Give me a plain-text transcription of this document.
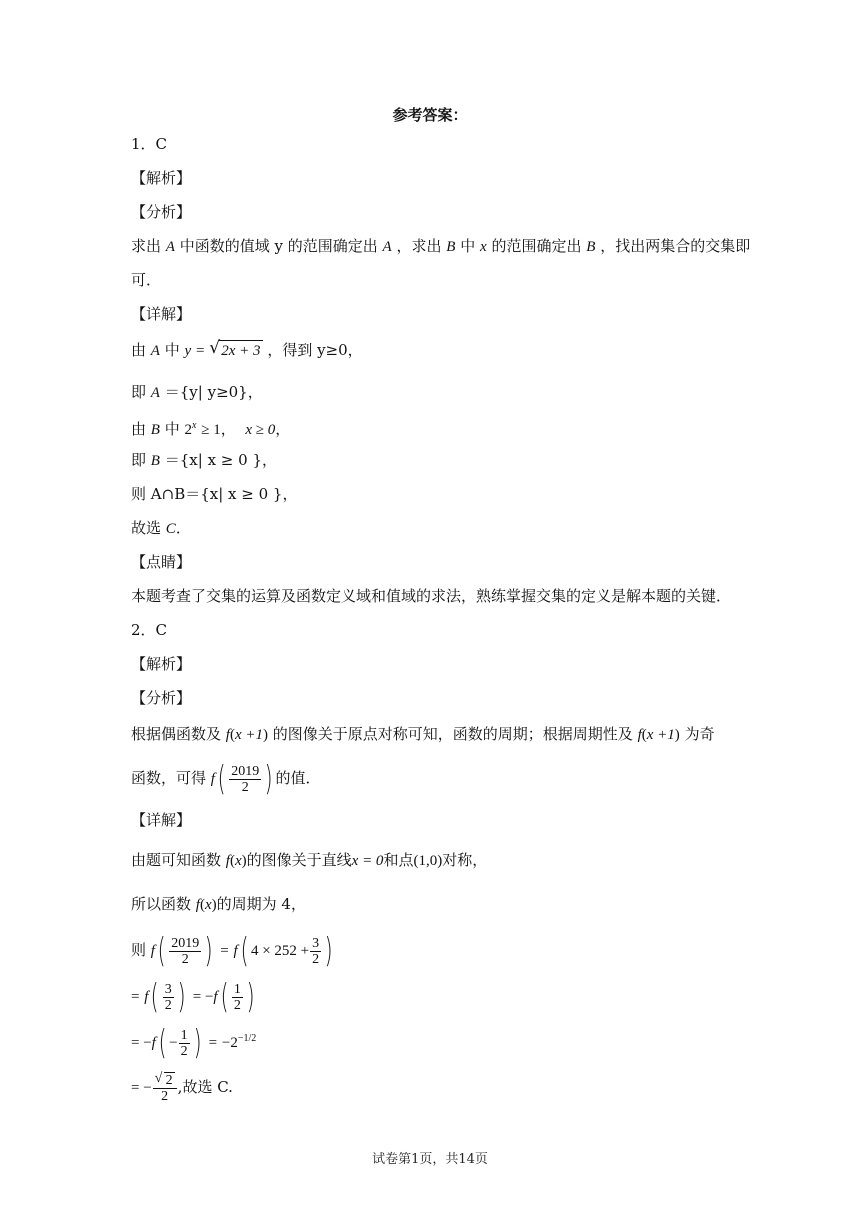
参考答案：
1．C
【解析】
【分析】
求出 A 中函数的值域 y 的范围确定出 A ，求出 B 中 x 的范围确定出 B ，找出两集合的交集即
可．
【详解】
由 A 中 y = √ 2x + 3 ，得到 y≥0，
即 A ＝{y| y≥0}，
由 B 中 $2^x \ge 1$， x ≥ 0，
即 B ＝{x| x ≥ 0 }，
则 A∩B＝{x| x ≥ 0 }，
故选 C．
【点睛】
本题考查了交集的运算及函数定义域和值域的求法，熟练掌握交集的定义是解本题的关键．
2．C
【解析】
【分析】
根据偶函数及 f(x +1) 的图像关于原点对称可知，函数的周期；根据周期性及 f(x +1) 为奇
函数，可得 $f( \frac{2019}{2}$ ) 的值．
【详解】
由题可知函数 f(x)的图像关于直线x = 0和点(1,0)对称，
所以函数 f(x)的周期为 4，
则 $f( \frac{2019}{2}$ ) = f( $4 \times 252 + \frac{3}{2}$ )
= $f( \frac{3}{2}$ ) = $-f( \frac{1}{2}$ )
= $-f( - \frac{1}{2}$ ) = $-2^{-1/2}$
= − $\frac{√ 2}{2}$ ,故选 C.
试卷第1页，共14页
